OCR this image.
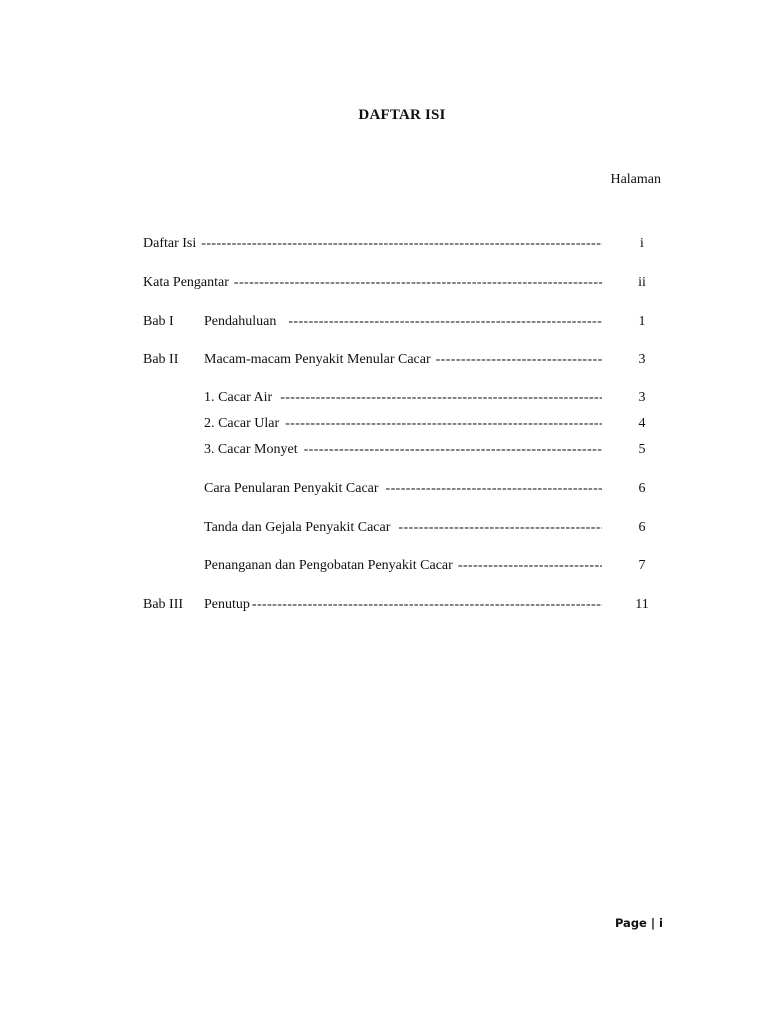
DAFTAR ISI
Halaman
Daftar Isi -----	i
Kata Pengantar -----	ii
Bab I Pendahuluan -----	1
Bab II Macam-macam Penyakit Menular Cacar -----	3
1. Cacar Air -----	3
2. Cacar Ular -----	4
3. Cacar Monyet -----	5
Cara Penularan Penyakit Cacar -----	6
Tanda dan Gejala Penyakit Cacar -----	6
Penanganan dan Pengobatan Penyakit Cacar -----	7
Bab III Penutup -----	11
Page | i
